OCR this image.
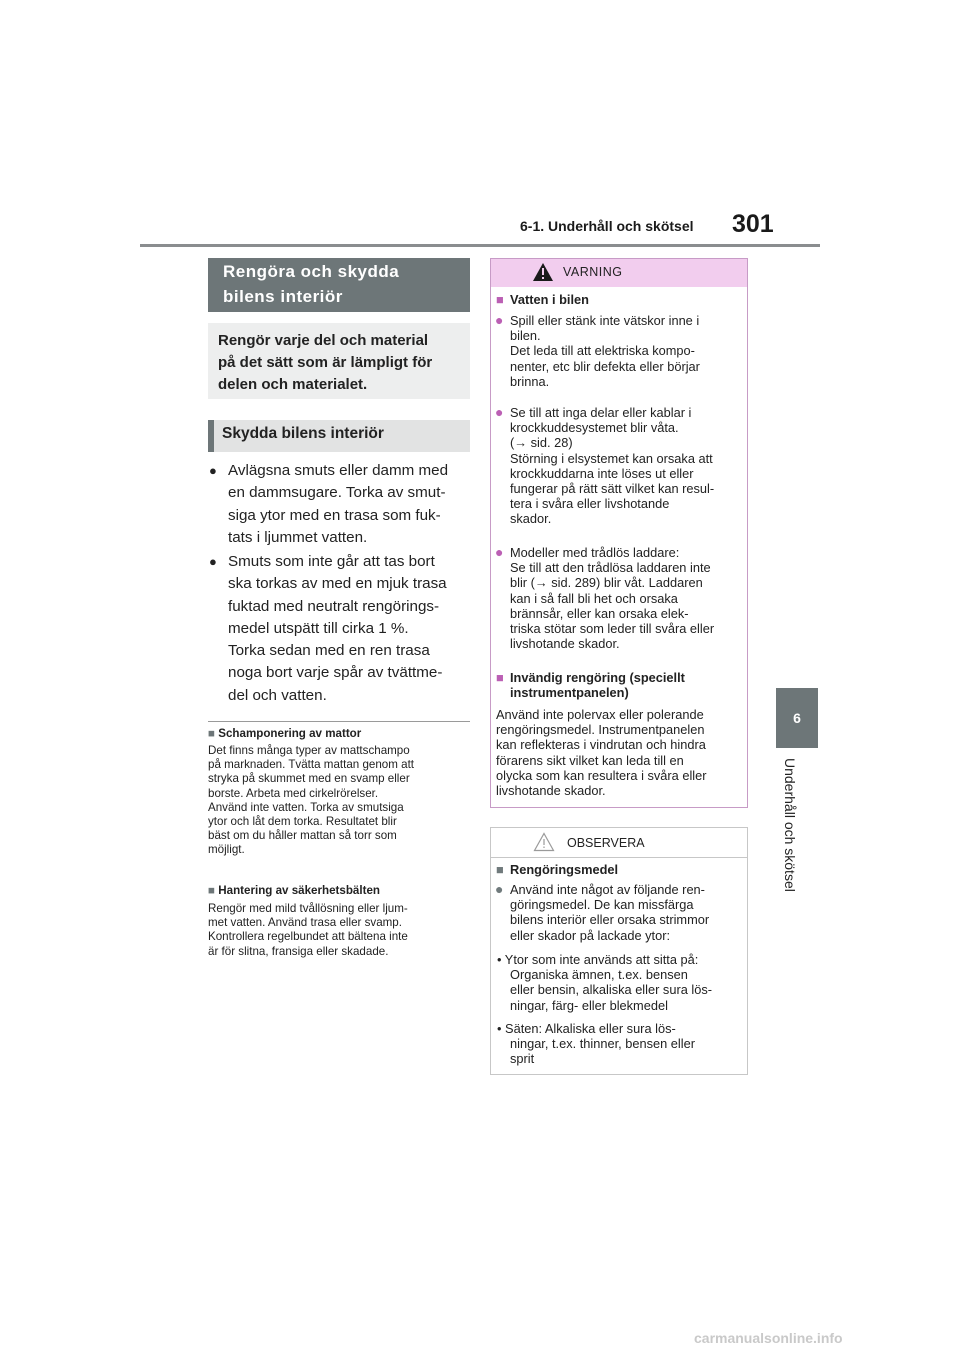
6-1. Underhåll och skötsel 301
6
Underhåll och skötsel
Rengöra och skydda
bilens interiör
Rengör varje del och material
på det sätt som är lämpligt för
delen och materialet.
Skydda bilens interiör
● Avlägsna smuts eller damm med
en dammsugare. Torka av smut-
siga ytor med en trasa som fuk-
tats i ljummet vatten.
● Smuts som inte går att tas bort
ska torkas av med en mjuk trasa
fuktad med neutralt rengörings-
medel utspätt till cirka 1 %.
Torka sedan med en ren trasa
noga bort varje spår av tvättme-
del och vatten.
■ Schamponering av mattor
Det finns många typer av mattschampo
på marknaden. Tvätta mattan genom att
stryka på skummet med en svamp eller
borste. Arbeta med cirkelrörelser.
Använd inte vatten. Torka av smutsiga
ytor och låt dem torka. Resultatet blir
bäst om du håller mattan så torr som
möjligt.
■ Hantering av säkerhetsbälten
Rengör med mild tvållösning eller ljum-
met vatten. Använd trasa eller svamp.
Kontrollera regelbundet att bältena inte
är för slitna, fransiga eller skadade.
VARNING
■ Vatten i bilen
● Spill eller stänk inte vätskor inne i
bilen.
Det leda till att elektriska kompo-
nenter, etc blir defekta eller börjar
brinna.
● Se till att inga delar eller kablar i
krockkuddesystemet blir våta.
(→ sid. 28)
Störning i elsystemet kan orsaka att
krockkuddarna inte löses ut eller
fungerar på rätt sätt vilket kan resul-
tera i svåra eller livshotande
skador.
● Modeller med trådlös laddare:
Se till att den trådlösa laddaren inte
blir (→ sid. 289) blir våt. Laddaren
kan i så fall bli het och orsaka
brännsår, eller kan orsaka elek-
triska stötar som leder till svåra eller
livshotande skador.
■ Invändig rengöring (speciellt
instrumentpanelen)
Använd inte polervax eller polerande
rengöringsmedel. Instrumentpanelen
kan reflekteras i vindrutan och hindra
förarens sikt vilket kan leda till en
olycka som kan resultera i svåra eller
livshotande skador.
OBSERVERA
■ Rengöringsmedel
● Använd inte något av följande ren-
göringsmedel. De kan missfärga
bilens interiör eller orsaka strimmor
eller skador på lackade ytor:
• Ytor som inte används att sitta på:
Organiska ämnen, t.ex. bensen
eller bensin, alkaliska eller sura lös-
ningar, färg- eller blekmedel
• Säten: Alkaliska eller sura lös-
ningar, t.ex. thinner, bensen eller
sprit
carmanualsonline.info
